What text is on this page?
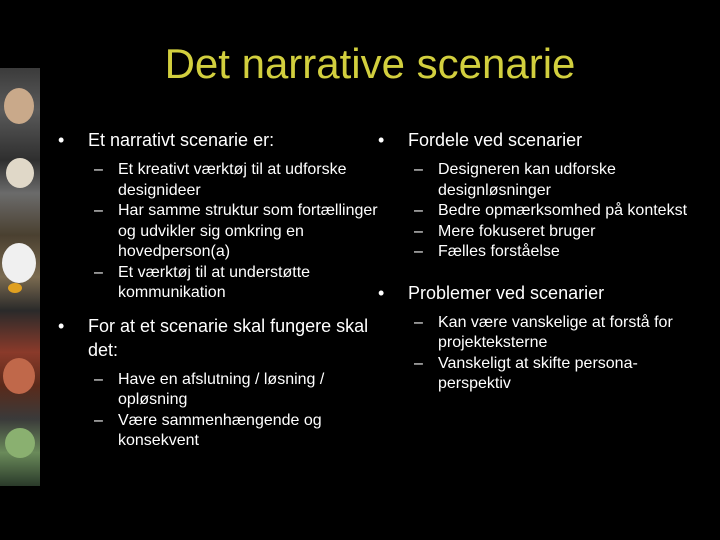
Det narrative scenarie
•	Et narrativt scenarie er:
– Et kreativt værktøj til at udforske designideer
– Har samme struktur som fortællinger og udvikler sig omkring en hovedperson(a)
– Et værktøj til at understøtte kommunikation
•	For at et scenarie skal fungere skal det:
– Have en afslutning / løsning / opløsning
– Være sammenhængende og konsekvent
•	Fordele ved scenarier
– Designeren kan udforske designløsninger
– Bedre opmærksomhed på kontekst
– Mere fokuseret bruger
– Fælles forståelse
•	Problemer ved scenarier
– Kan være vanskelige at forstå for projekteksterne
– Vanskeligt at skifte persona-perspektiv
